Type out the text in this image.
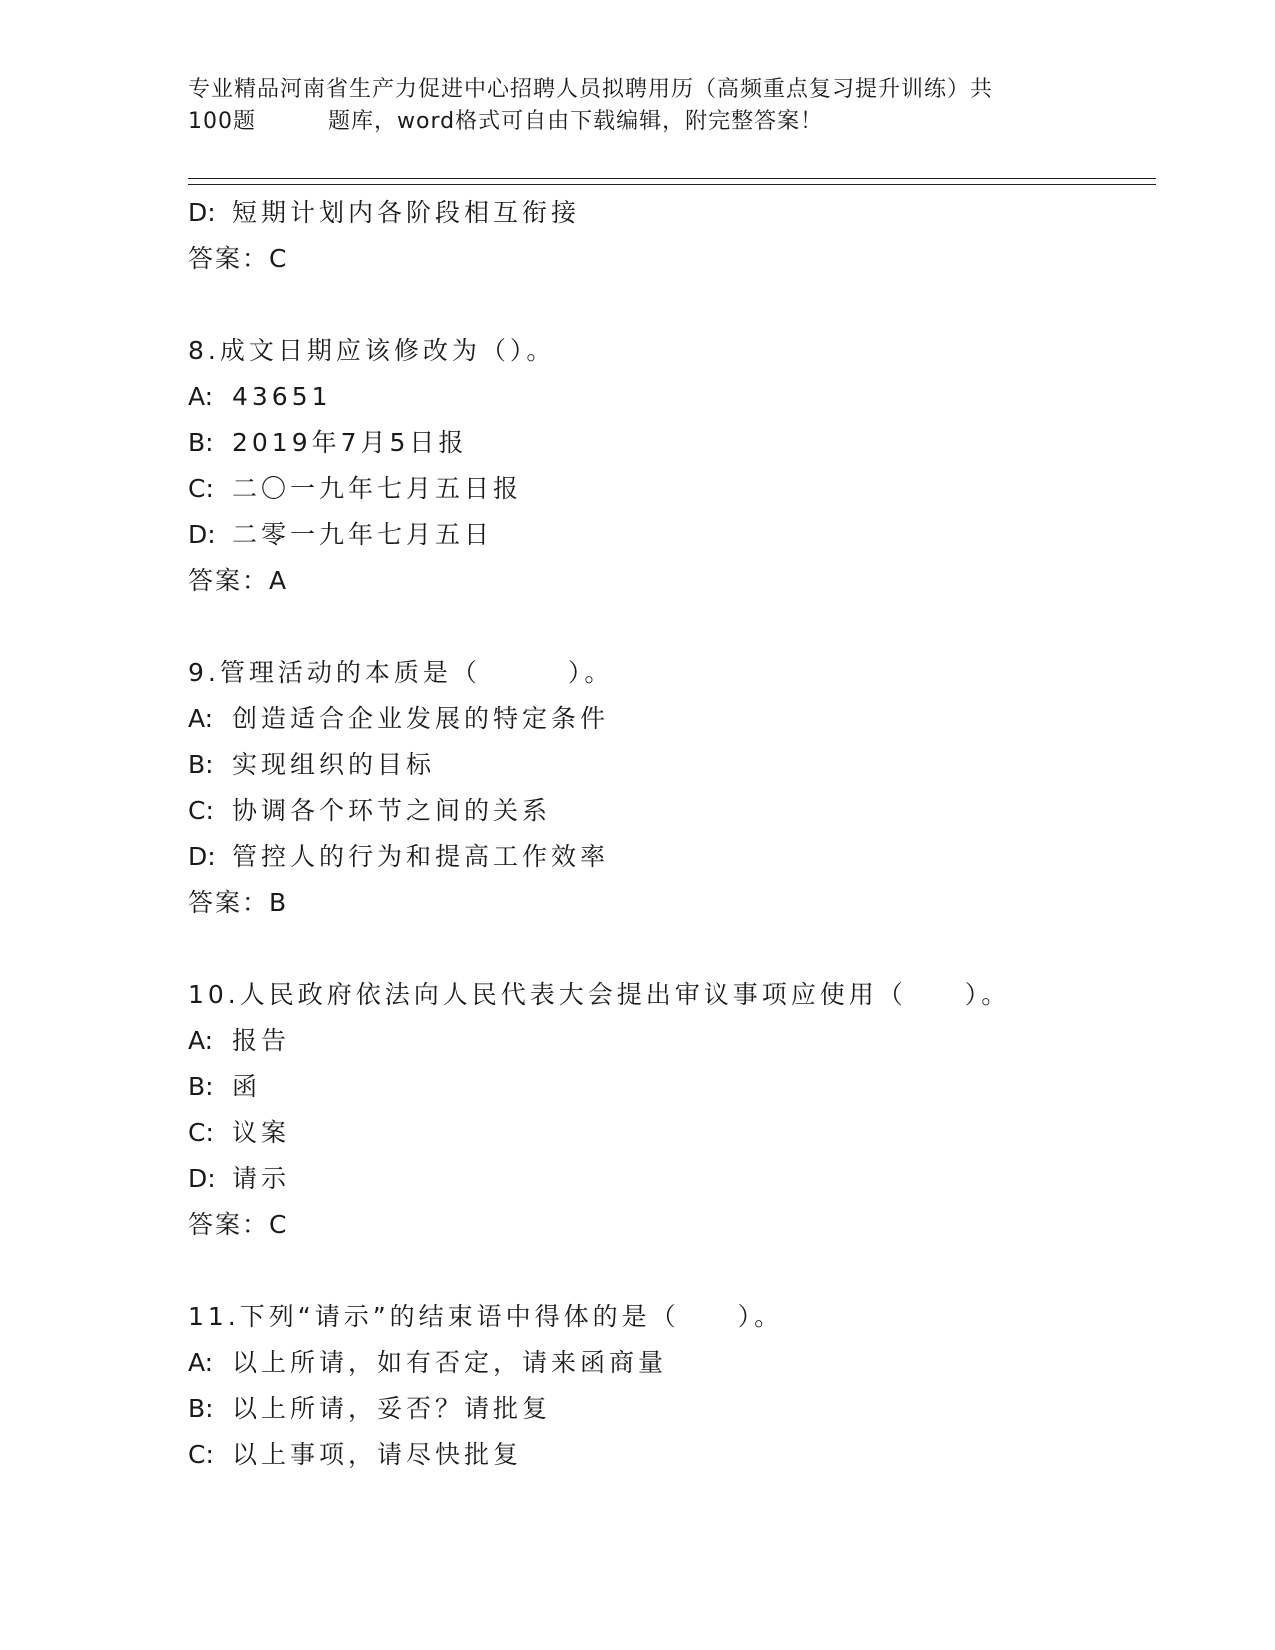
专业精品河南省生产力促进中心招聘人员拟聘用历（高频重点复习提升训练）共
100题	题库，word格式可自由下载编辑，附完整答案！
D: 短期计划内各阶段相互衔接
答案：C
8.成文日期应该修改为（）。
A: 43651
B: 2019年7月5日报
C: 二〇一九年七月五日报
D: 二零一九年七月五日
答案：A
9.管理活动的本质是（　　　）。
A: 创造适合企业发展的特定条件
B: 实现组织的目标
C: 协调各个环节之间的关系
D: 管控人的行为和提高工作效率
答案：B
10.人民政府依法向人民代表大会提出审议事项应使用（　　）。
A: 报告
B: 函
C: 议案
D: 请示
答案：C
11.下列“请示”的结束语中得体的是（　　）。
A: 以上所请，如有否定，请来函商量
B: 以上所请，妥否？请批复
C: 以上事项，请尽快批复
